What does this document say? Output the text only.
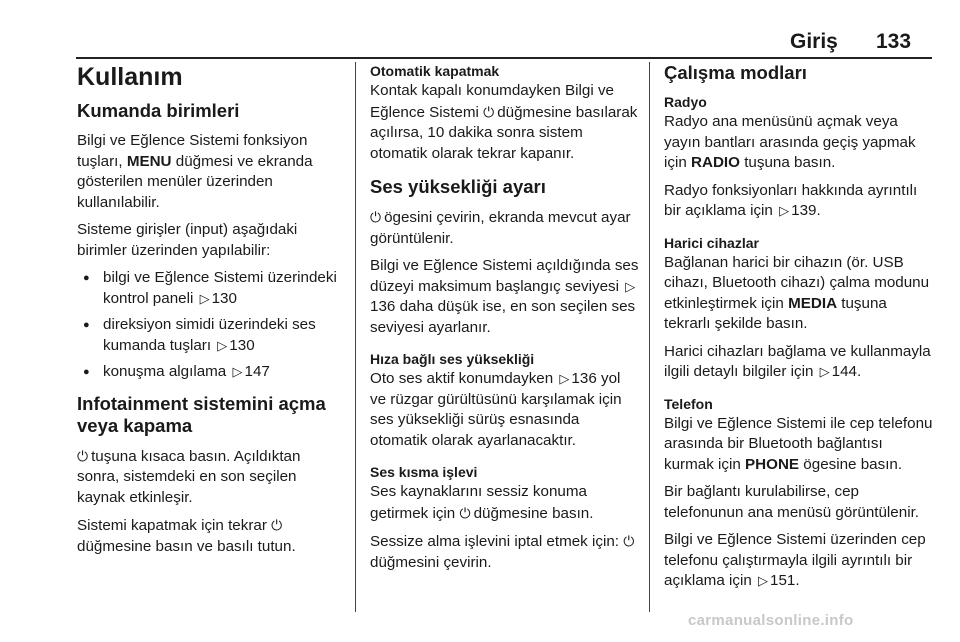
Giriş 133
Kullanım
Kumanda birimleri

Bilgi ve Eğlence Sistemi fonksiyon tuşları, MENU düğmesi ve ekranda gösterilen menüler üzerinden kullanılabilir.

Sisteme girişler (input) aşağıdaki birimler üzerinden yapılabilir:

● bilgi ve Eğlence Sistemi üzerindeki kontrol paneli ▷ 130
● direksiyon simidi üzerindeki ses kumanda tuşları ▷ 130
● konuşma algılama ▷ 147
Infotainment sistemini açma veya kapama

⏻ tuşuna kısaca basın. Açıldıktan sonra, sistemdeki en son seçilen kaynak etkinleşir.

Sistemi kapatmak için tekrar ⏻düğmesine basın ve basılı tutun.

Otomatik kapatmak

Kontak kapalı konumdayken Bilgi ve Eğlence Sistemi ⏻ düğmesine basılarak açılırsa, 10 dakika sonra sistem otomatik olarak tekrar kapanır.

Ses yüksekliği ayarı

⏻ ögesini çevirin, ekranda mevcut ayar görüntülenir.

Bilgi ve Eğlence Sistemi açıldığında ses düzeyi maksimum başlangıç seviyesi ▷136 daha düşük ise, en son seçilen ses seviyesi ayarlanır.

Hıza bağlı ses yüksekliği

Oto ses aktif konumdayken ▷ 136 yol ve rüzgar gürültüsünü karşılamak için ses yüksekliği sürüş esnasında otomatik olarak ayarlanacaktır.

Ses kısma işlevi

Ses kaynaklarını sessiz konuma getirmek için ⏻ düğmesine basın.

Sessize alma işlevini iptal etmek için: ⏻düğmesini çevirin.

Çalışma modları
Radyo

Radyo ana menüsünü açmak veya yayın bantları arasında geçiş yapmak için RADIO tuşuna basın.

Radyo fonksiyonları hakkında ayrıntılı bir açıklama için ▷ 139.

Harici cihazlar

Bağlanan harici bir cihazın (ör. USB cihazı, Bluetooth cihazı) çalma modunu etkinleştirmek için MEDIA tuşuna tekrarlı şekilde basın.

Harici cihazları bağlama ve kullanmayla ilgili detaylı bilgiler için ▷ 144.

Telefon

Bilgi ve Eğlence Sistemi ile cep telefonu arasında bir Bluetooth bağlantısı kurmak için PHONE ögesine basın.

Bir bağlantı kurulabilirse, cep telefonunun ana menüsü görüntülenir.

Bilgi ve Eğlence Sistemi üzerinden cep telefonu çalıştırmayla ilgili ayrıntılı bir açıklama için ▷ 151.

carmanualsonline.info
